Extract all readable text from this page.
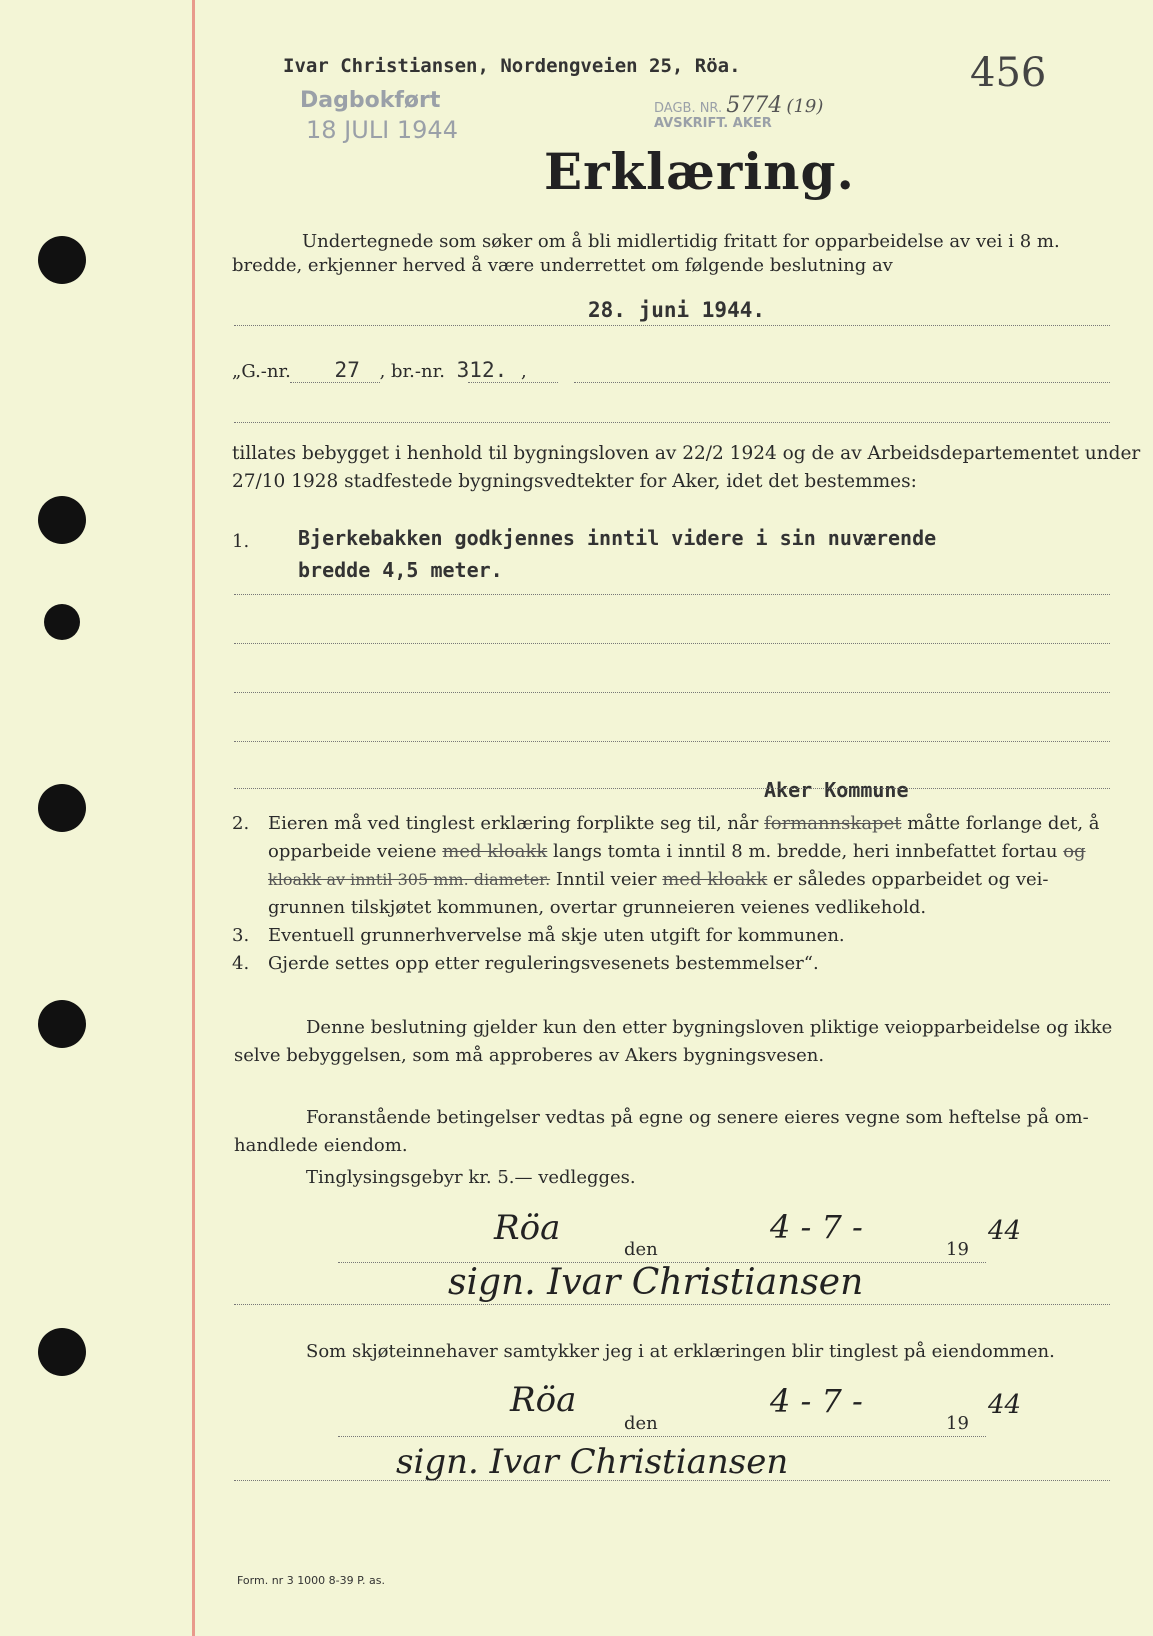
Ivar Christiansen, Nordengveien 25, Röa.	456
Dagbokført
18 JULI 1944
DAGB. NR. 5774 (19)
AVSKRIFT. AKER
Erklæring.
Undertegnede som søker om å bli midlertidig fritatt for opparbeidelse av vei i 8 m.
bredde, erkjenner herved å være underrettet om følgende beslutning av
28. juni 1944.
„G.-nr. 27 , br.-nr. 312. ,
tillates bebygget i henhold til bygningsloven av 22/2 1924 og de av Arbeidsdepartementet under
27/10 1928 stadfestede bygningsvedtekter for Aker, idet det bestemmes:
1. Bjerkebakken godkjennes inntil videre i sin nuværende
bredde 4,5 meter.
Aker Kommune
2. Eieren må ved tinglest erklæring forplikte seg til, når formannskapet måtte forlange det, å
opparbeide veiene med kloakk langs tomta i inntil 8 m. bredde, heri innbefattet fortau og
kloakk av inntil 305 mm. diameter. Inntil veier med kloakk er således opparbeidet og vei-
grunnen tilskjøtet kommunen, overtar grunneieren veienes vedlikehold.
3. Eventuell grunnerhvervelse må skje uten utgift for kommunen.
4. Gjerde settes opp etter reguleringsvesenets bestemmelser“.
Denne beslutning gjelder kun den etter bygningsloven pliktige veiopparbeidelse og ikke
selve bebyggelsen, som må approberes av Akers bygningsvesen.
Foranstående betingelser vedtas på egne og senere eieres vegne som heftelse på om-
handlede eiendom.
Tinglysingsgebyr kr. 5.— vedlegges.
Röa
den
4 - 7 -
19
44
sign. Ivar Christiansen
Som skjøteinnehaver samtykker jeg i at erklæringen blir tinglest på eiendommen.
Röa
den
4 - 7 -
19
44
sign. Ivar Christiansen
Form. nr 3 1000 8-39 P. as.
